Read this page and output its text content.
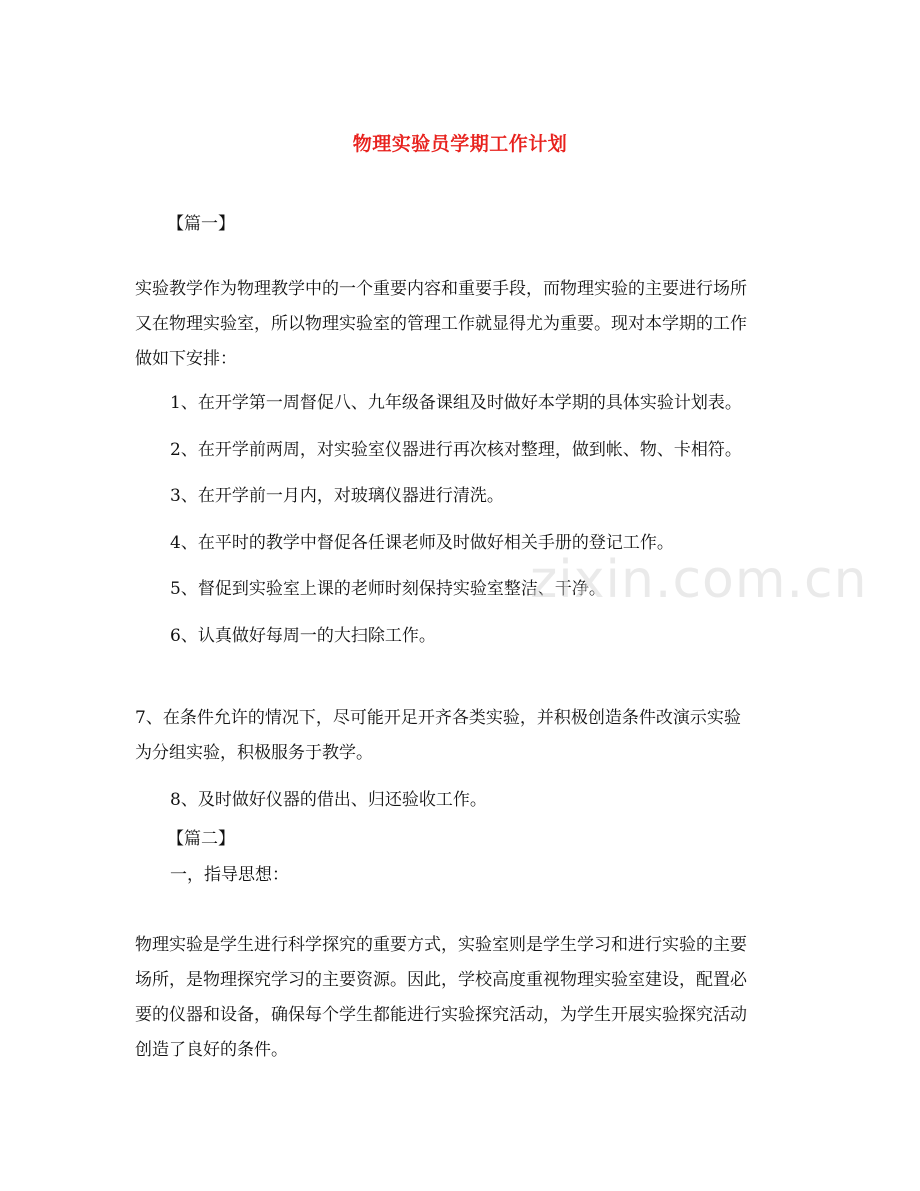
物理实验员学期工作计划
【篇一】
实验教学作为物理教学中的一个重要内容和重要手段，而物理实验的主要进行场所
又在物理实验室，所以物理实验室的管理工作就显得尤为重要。现对本学期的工作
做如下安排：
1、在开学第一周督促八、九年级备课组及时做好本学期的具体实验计划表。
2、在开学前两周，对实验室仪器进行再次核对整理，做到帐、物、卡相符。
3、在开学前一月内，对玻璃仪器进行清洗。
4、在平时的教学中督促各任课老师及时做好相关手册的登记工作。
5、督促到实验室上课的老师时刻保持实验室整洁、干净。
6、认真做好每周一的大扫除工作。
7、在条件允许的情况下，尽可能开足开齐各类实验，并积极创造条件改演示实验
为分组实验，积极服务于教学。
8、及时做好仪器的借出、归还验收工作。
【篇二】
一，指导思想：
物理实验是学生进行科学探究的重要方式，实验室则是学生学习和进行实验的主要
场所，是物理探究学习的主要资源。因此，学校高度重视物理实验室建设，配置必
要的仪器和设备，确保每个学生都能进行实验探究活动，为学生开展实验探究活动
创造了良好的条件。
zixin.com.cn
